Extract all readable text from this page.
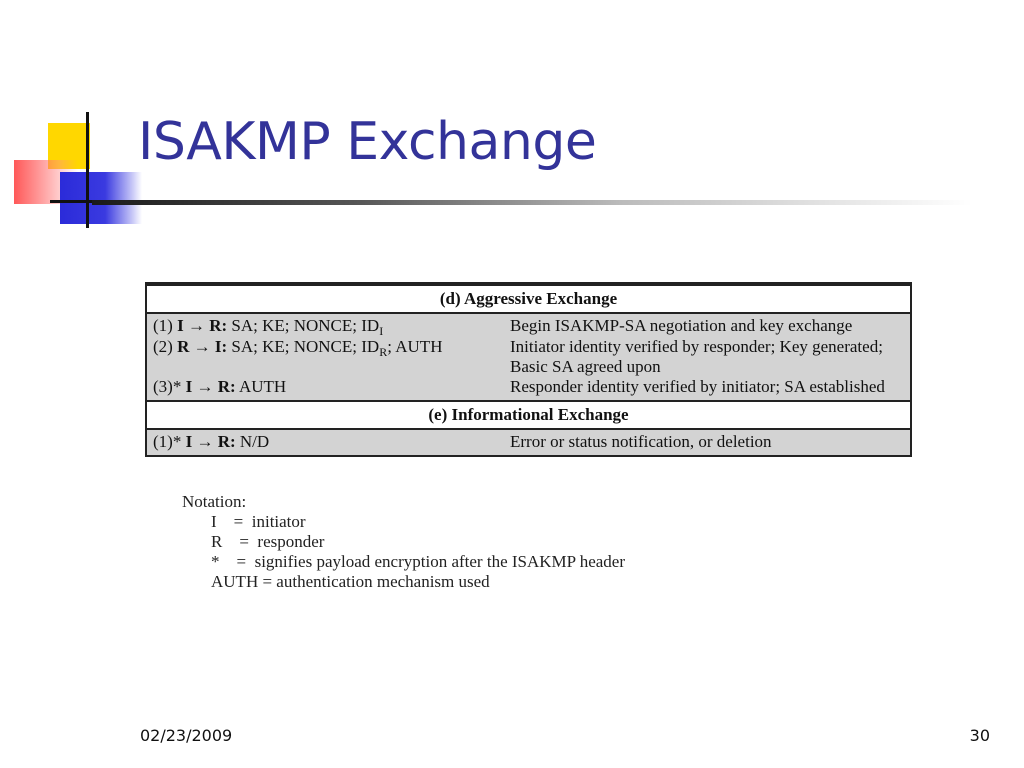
ISAKMP Exchange
(d) Aggressive Exchange
(1) I → R: SA; KE; NONCE; $ID_I$	Begin ISAKMP-SA negotiation and key exchange
(2) R → I: SA; KE; NONCE; $ID_R$; AUTH	Initiator identity verified by responder; Key generated; Basic SA agreed upon
(3)* I → R: AUTH	Responder identity verified by initiator; SA established
(e) Informational Exchange
(1)* I → R: N/D	Error or status notification, or deletion
Notation:
I    =  initiator
R    =  responder
*    =  signifies payload encryption after the ISAKMP header
AUTH = authentication mechanism used
02/23/2009	30
